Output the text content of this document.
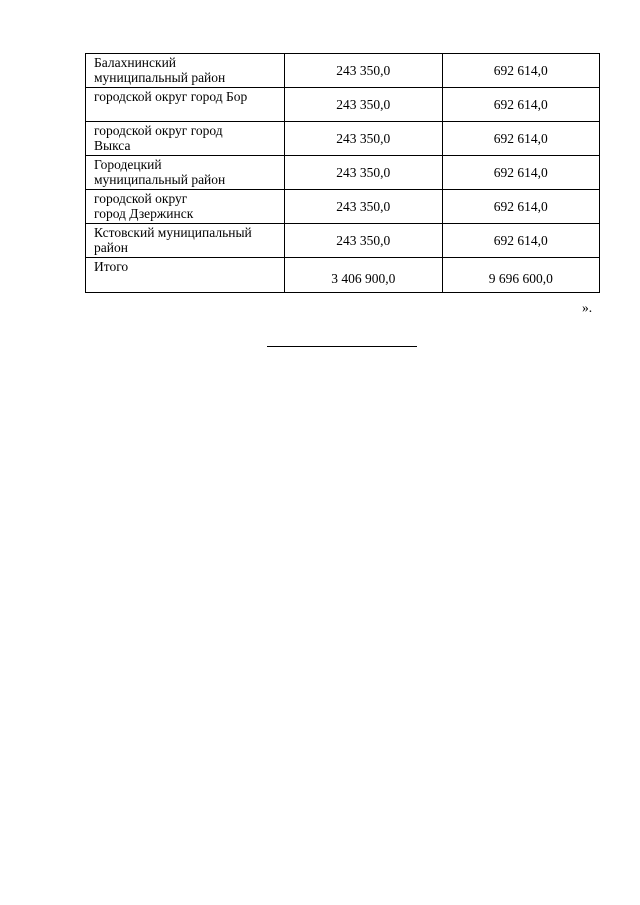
Балахнинский
муниципальный район	243 350,0	692 614,0
городской округ город Бор	243 350,0	692 614,0
городской округ город
Выкса	243 350,0	692 614,0
Городецкий
муниципальный район	243 350,0	692 614,0
городской округ
город Дзержинск	243 350,0	692 614,0
Кстовский муниципальный
район	243 350,0	692 614,0
Итого	3 406 900,0	9 696 600,0
».
